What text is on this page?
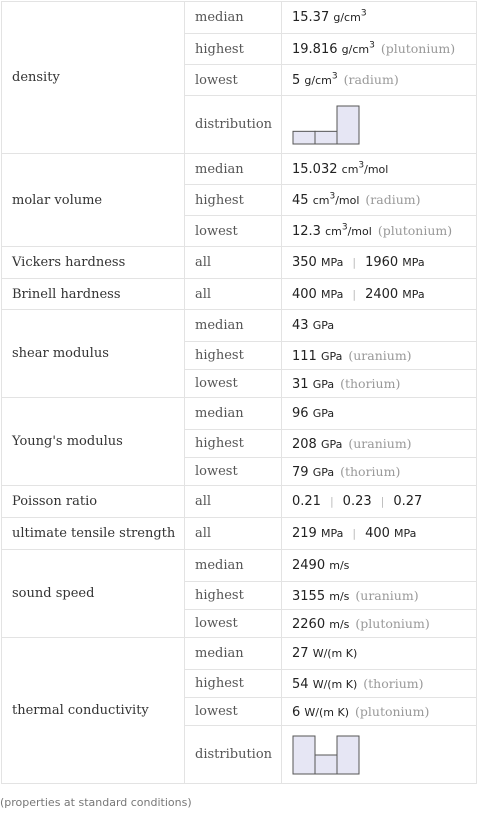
density	median	15.37 $g/cm^3$
	highest	19.816 $g/cm^3$ (plutonium)
	lowest	5 $g/cm^3$ (radium)
	distribution	

molar volume	median	15.032 $cm^3$/mol
	highest	45 $cm^3$/mol (radium)
	lowest	12.3 $cm^3$/mol (plutonium)
Vickers hardness	all	350 MPa | 1960 MPa
Brinell hardness	all	400 MPa | 2400 MPa
shear modulus	median	43 GPa
	highest	111 GPa (uranium)
	lowest	31 GPa (thorium)
Young's modulus	median	96 GPa
	highest	208 GPa (uranium)
	lowest	79 GPa (thorium)
Poisson ratio	all	0.21 | 0.23 | 0.27
ultimate tensile strength	all	219 MPa | 400 MPa
sound speed	median	2490 m/s
	highest	3155 m/s (uranium)
	lowest	2260 m/s (plutonium)
thermal conductivity	median	27 W/(m K)
	highest	54 W/(m K) (thorium)
	lowest	6 W/(m K) (plutonium)
	distribution	
(properties at standard conditions)
